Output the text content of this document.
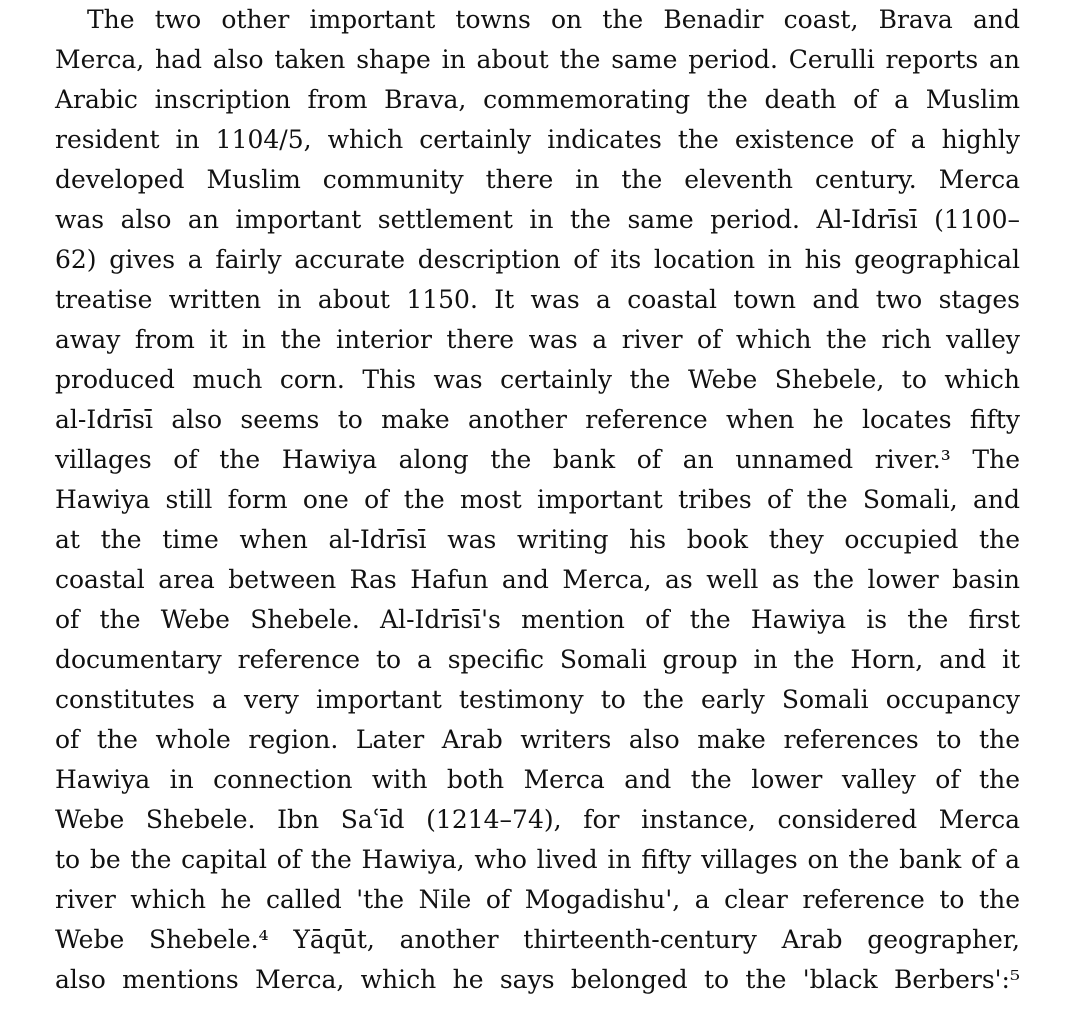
The two other important towns on the Benadir coast, Brava and
Merca, had also taken shape in about the same period. Cerulli reports an
Arabic inscription from Brava, commemorating the death of a Muslim
resident in 1104/5, which certainly indicates the existence of a highly
developed Muslim community there in the eleventh century. Merca
was also an important settlement in the same period. Al-Idrīsī (1100–
62) gives a fairly accurate description of its location in his geographical
treatise written in about 1150. It was a coastal town and two stages
away from it in the interior there was a river of which the rich valley
produced much corn. This was certainly the Webe Shebele, to which
al-Idrīsī also seems to make another reference when he locates fifty
villages of the Hawiya along the bank of an unnamed river.³ The
Hawiya still form one of the most important tribes of the Somali, and
at the time when al-Idrīsī was writing his book they occupied the
coastal area between Ras Hafun and Merca, as well as the lower basin
of the Webe Shebele. Al-Idrīsī's mention of the Hawiya is the first
documentary reference to a specific Somali group in the Horn, and it
constitutes a very important testimony to the early Somali occupancy
of the whole region. Later Arab writers also make references to the
Hawiya in connection with both Merca and the lower valley of the
Webe Shebele. Ibn Saʿīd (1214–74), for instance, considered Merca
to be the capital of the Hawiya, who lived in fifty villages on the bank of a
river which he called 'the Nile of Mogadishu', a clear reference to the
Webe Shebele.⁴ Yāqūt, another thirteenth-century Arab geographer,
also mentions Merca, which he says belonged to the 'black Berbers':⁵
